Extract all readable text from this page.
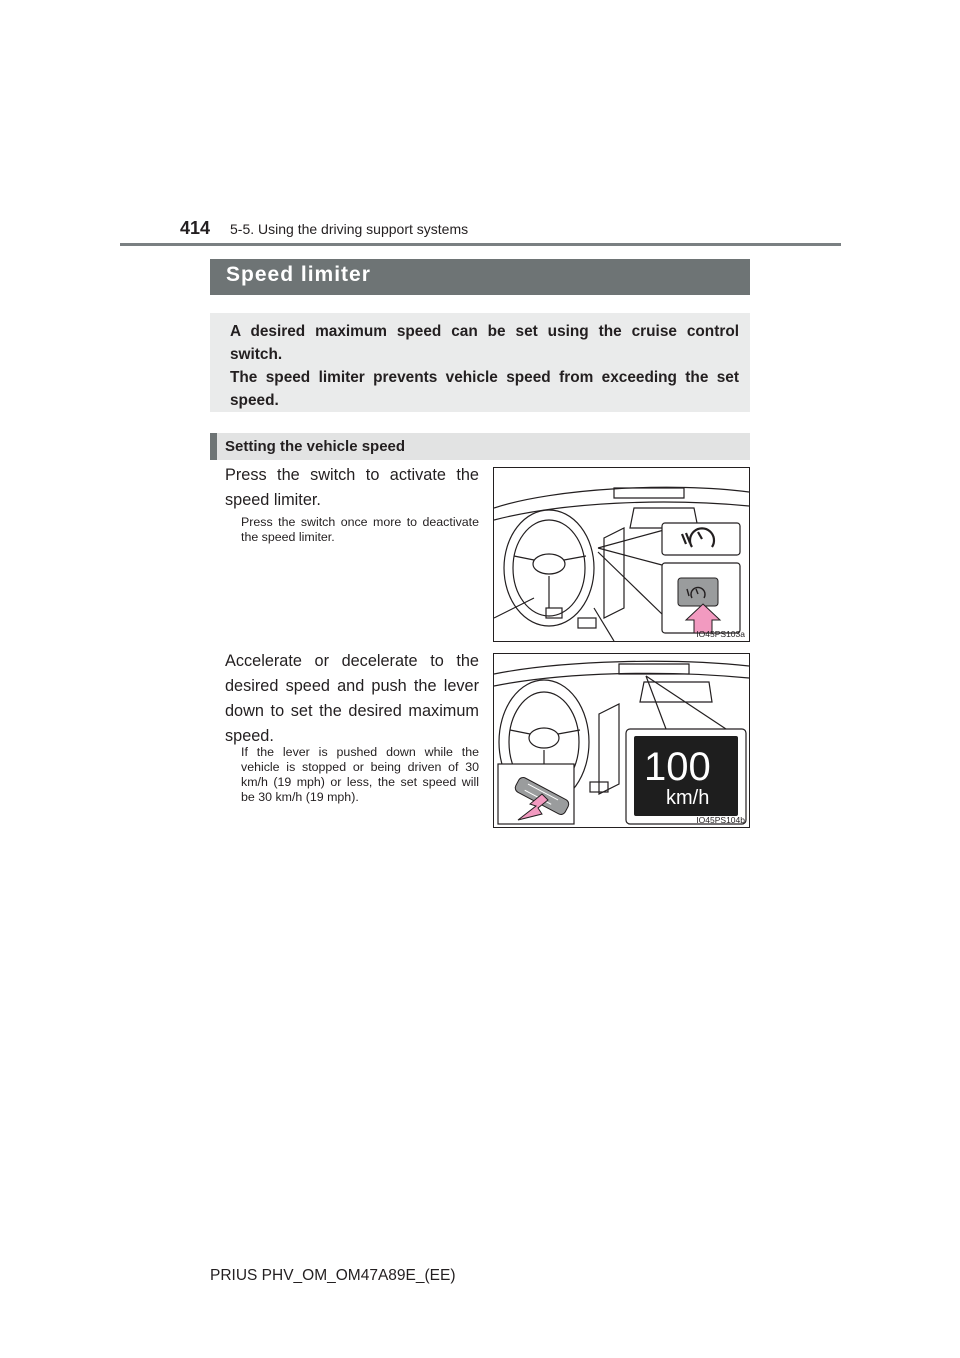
414 5-5. Using the driving support systems
Speed limiter

A desired maximum speed can be set using the cruise control switch.

The speed limiter prevents vehicle speed from exceeding the set speed.

Setting the vehicle speed
Press the switch to activate the speed limiter.
Press the switch once more to deactivate the speed limiter.
IO45PS103a
Accelerate or decelerate to the desired speed and push the lever down to set the desired maximum speed.
If the lever is pushed down while the vehicle is stopped or being driven of 30 km/h (19 mph) or less, the set speed will be 30 km/h (19 mph).
100
km/h
IO45PS104b
PRIUS PHV_OM_OM47A89E_(EE)
